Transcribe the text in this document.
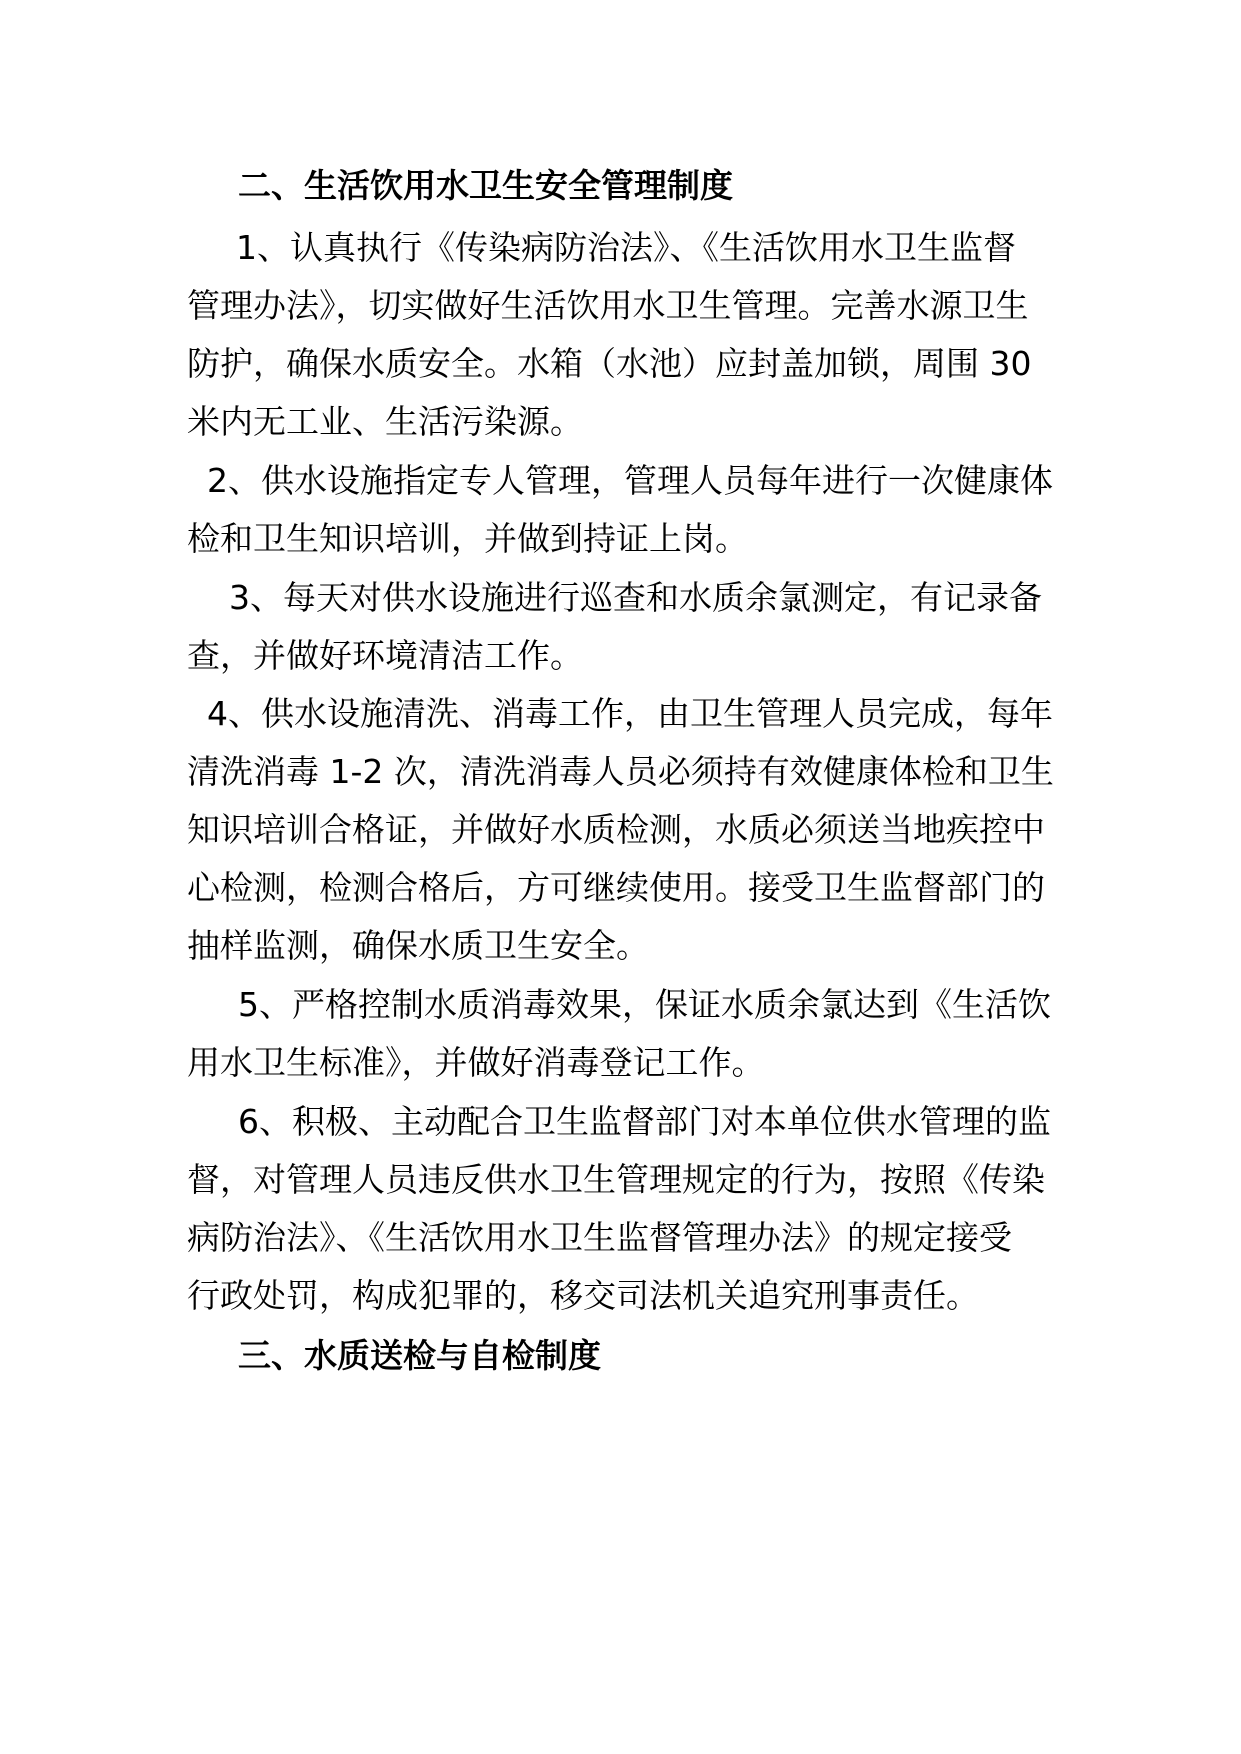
二、生活饮用水卫生安全管理制度
1、认真执行《传染病防治法》、《生活饮用水卫生监督
管理办法》，切实做好生活饮用水卫生管理。完善水源卫生
防护，确保水质安全。水箱（水池）应封盖加锁，周围 30
米内无工业、生活污染源。
2、供水设施指定专人管理，管理人员每年进行一次健康体
检和卫生知识培训，并做到持证上岗。
3、每天对供水设施进行巡查和水质余氯测定，有记录备
查，并做好环境清洁工作。
4、供水设施清洗、消毒工作，由卫生管理人员完成，每年
清洗消毒 1-2 次，清洗消毒人员必须持有效健康体检和卫生
知识培训合格证，并做好水质检测，水质必须送当地疾控中
心检测，检测合格后，方可继续使用。接受卫生监督部门的
抽样监测，确保水质卫生安全。
5、严格控制水质消毒效果，保证水质余氯达到《生活饮
用水卫生标准》，并做好消毒登记工作。
6、积极、主动配合卫生监督部门对本单位供水管理的监
督，对管理人员违反供水卫生管理规定的行为，按照《传染
病防治法》、《生活饮用水卫生监督管理办法》的规定接受
行政处罚，构成犯罪的，移交司法机关追究刑事责任。
三、水质送检与自检制度
